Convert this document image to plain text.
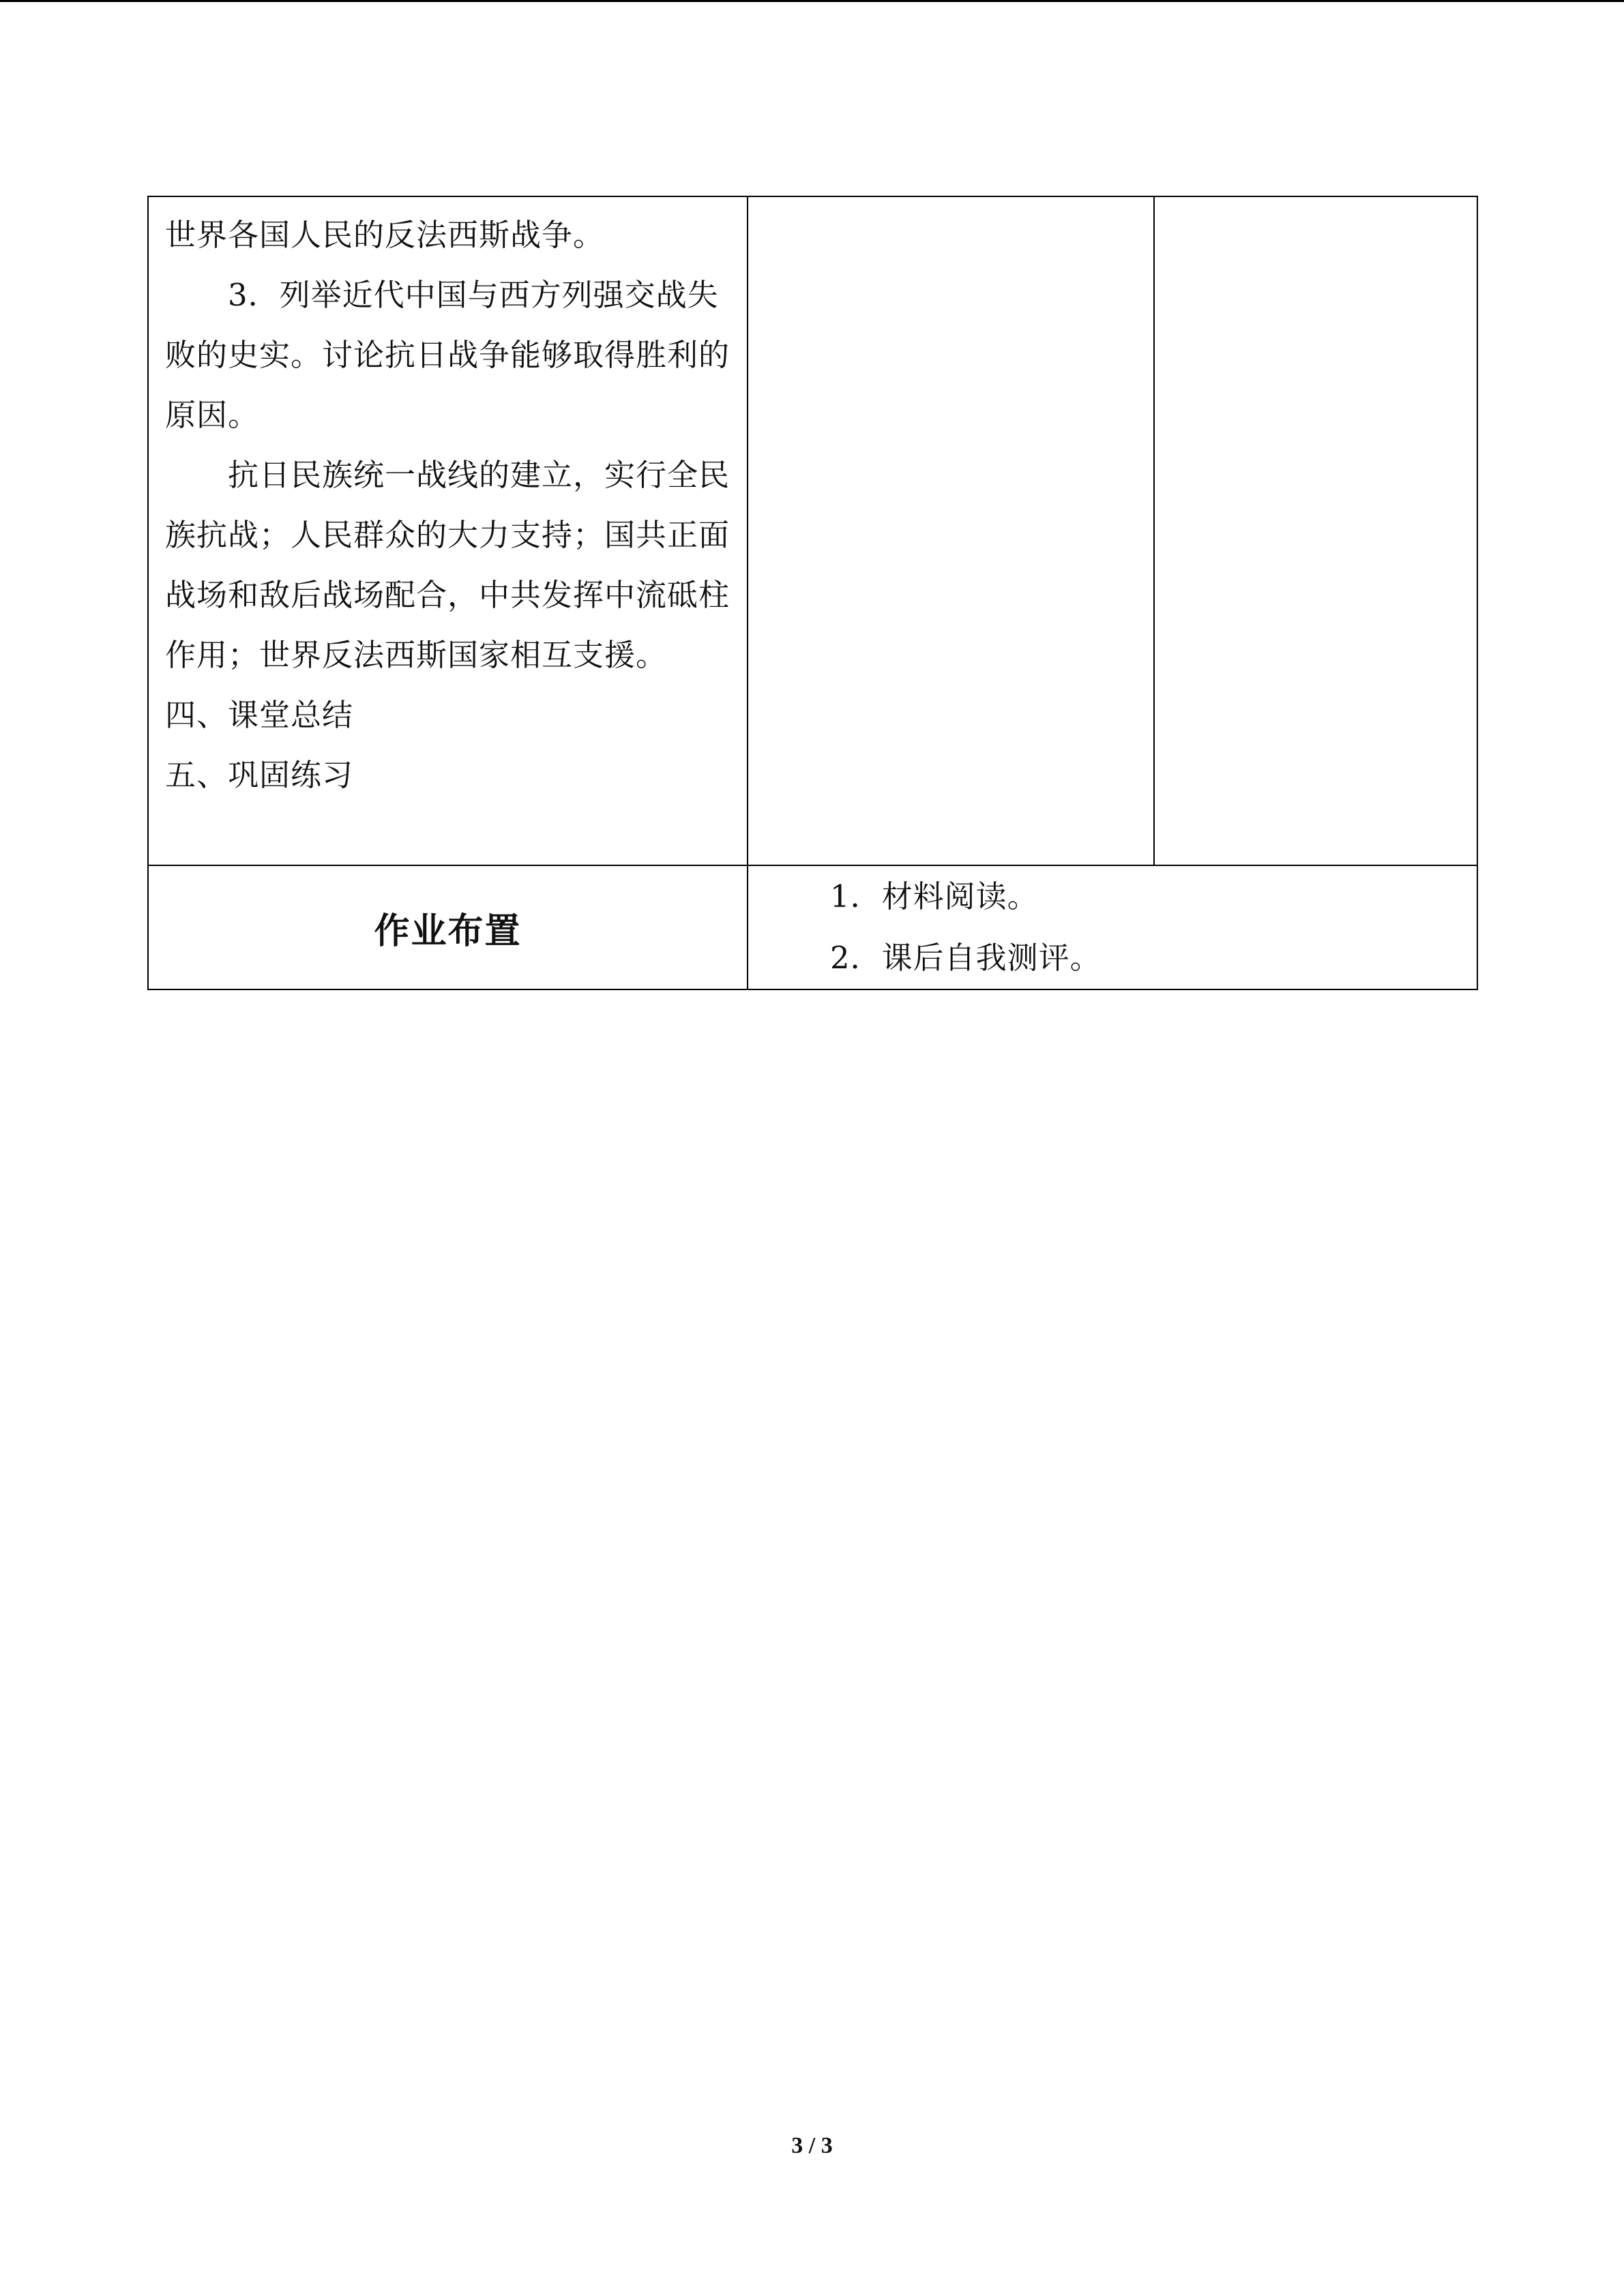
世界各国人民的反法西斯战争。

3．列举近代中国与西方列强交战失败的史实。讨论抗日战争能够取得胜利的原因。

抗日民族统一战线的建立，实行全民族抗战；人民群众的大力支持；国共正面战场和敌后战场配合，中共发挥中流砥柱作用；世界反法西斯国家相互支援。

四、课堂总结

五、巩固练习		

作业布置	1．材料阅读。

2．课后自我测评。	

3 / 3
